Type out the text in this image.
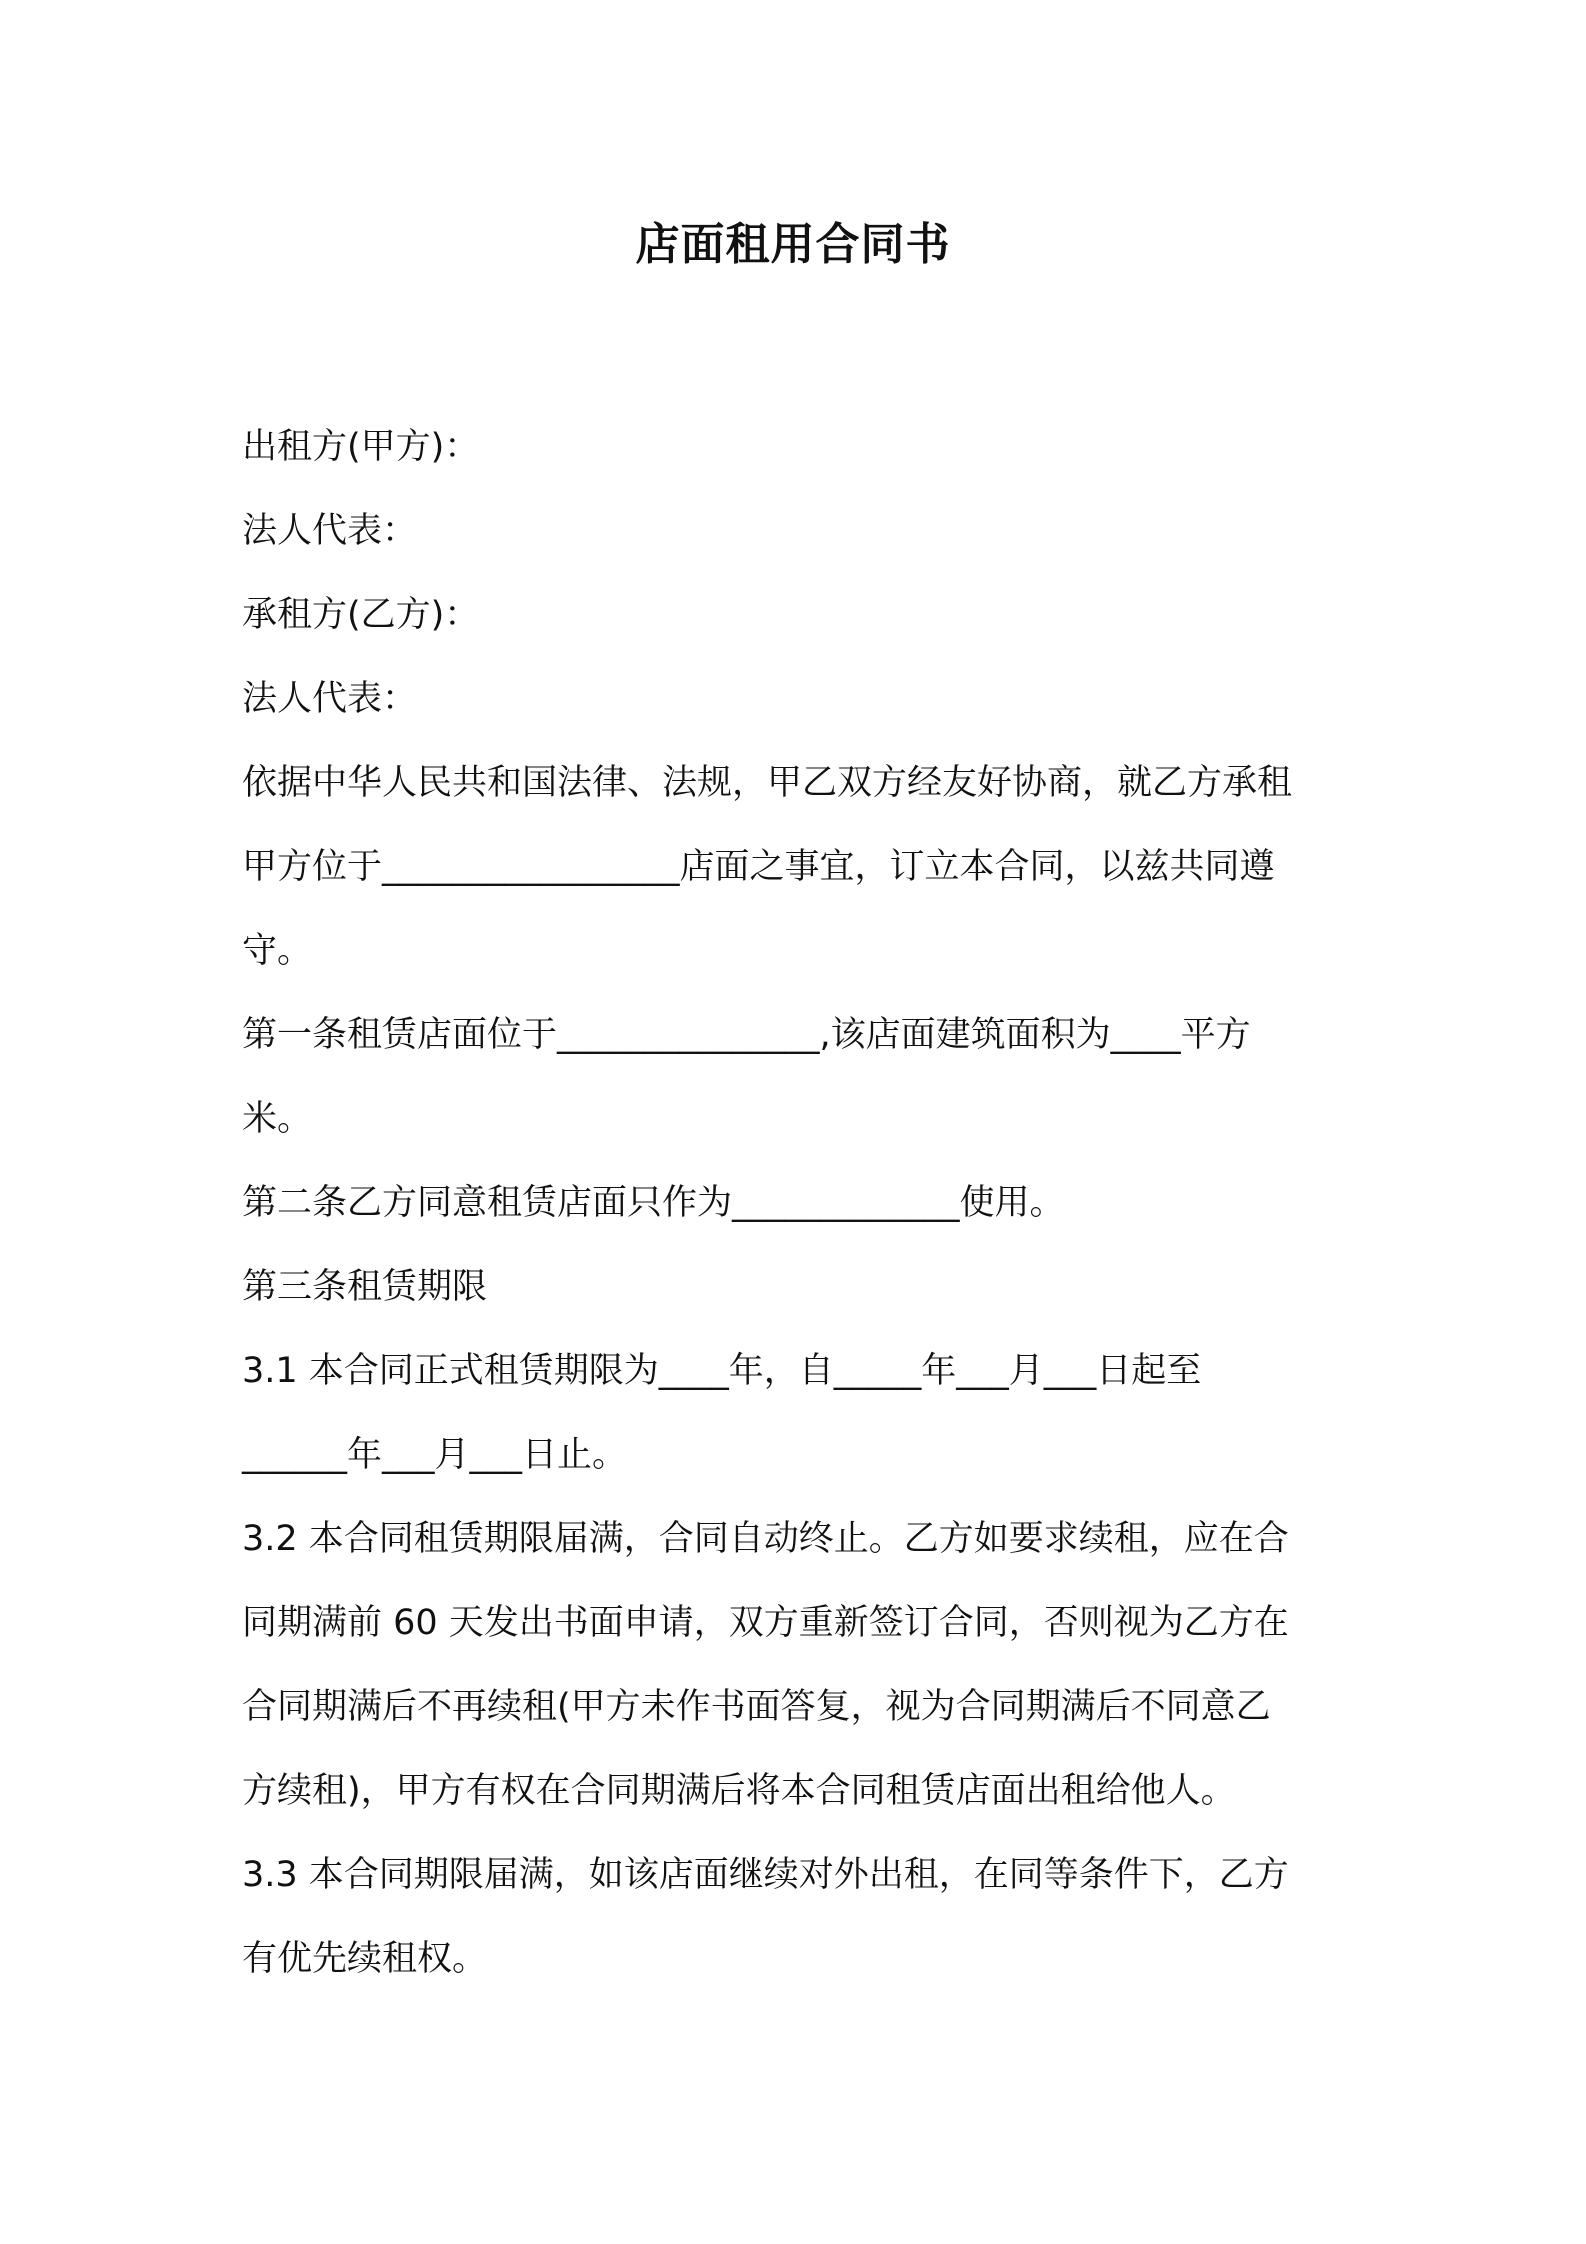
店面租用合同书
出租方(甲方)：
法人代表：
承租方(乙方)：
法人代表：
依据中华人民共和国法律、法规，甲乙双方经友好协商，就乙方承租
甲方位于_________________店面之事宜，订立本合同，以兹共同遵
守。
第一条租赁店面位于_______________,该店面建筑面积为____平方
米。
第二条乙方同意租赁店面只作为_____________使用。
第三条租赁期限
3.1 本合同正式租赁期限为____年，自_____年___月___日起至
______年___月___日止。
3.2 本合同租赁期限届满，合同自动终止。乙方如要求续租，应在合
同期满前 60 天发出书面申请，双方重新签订合同，否则视为乙方在
合同期满后不再续租(甲方未作书面答复，视为合同期满后不同意乙
方续租)，甲方有权在合同期满后将本合同租赁店面出租给他人。
3.3 本合同期限届满，如该店面继续对外出租，在同等条件下，乙方
有优先续租权。
